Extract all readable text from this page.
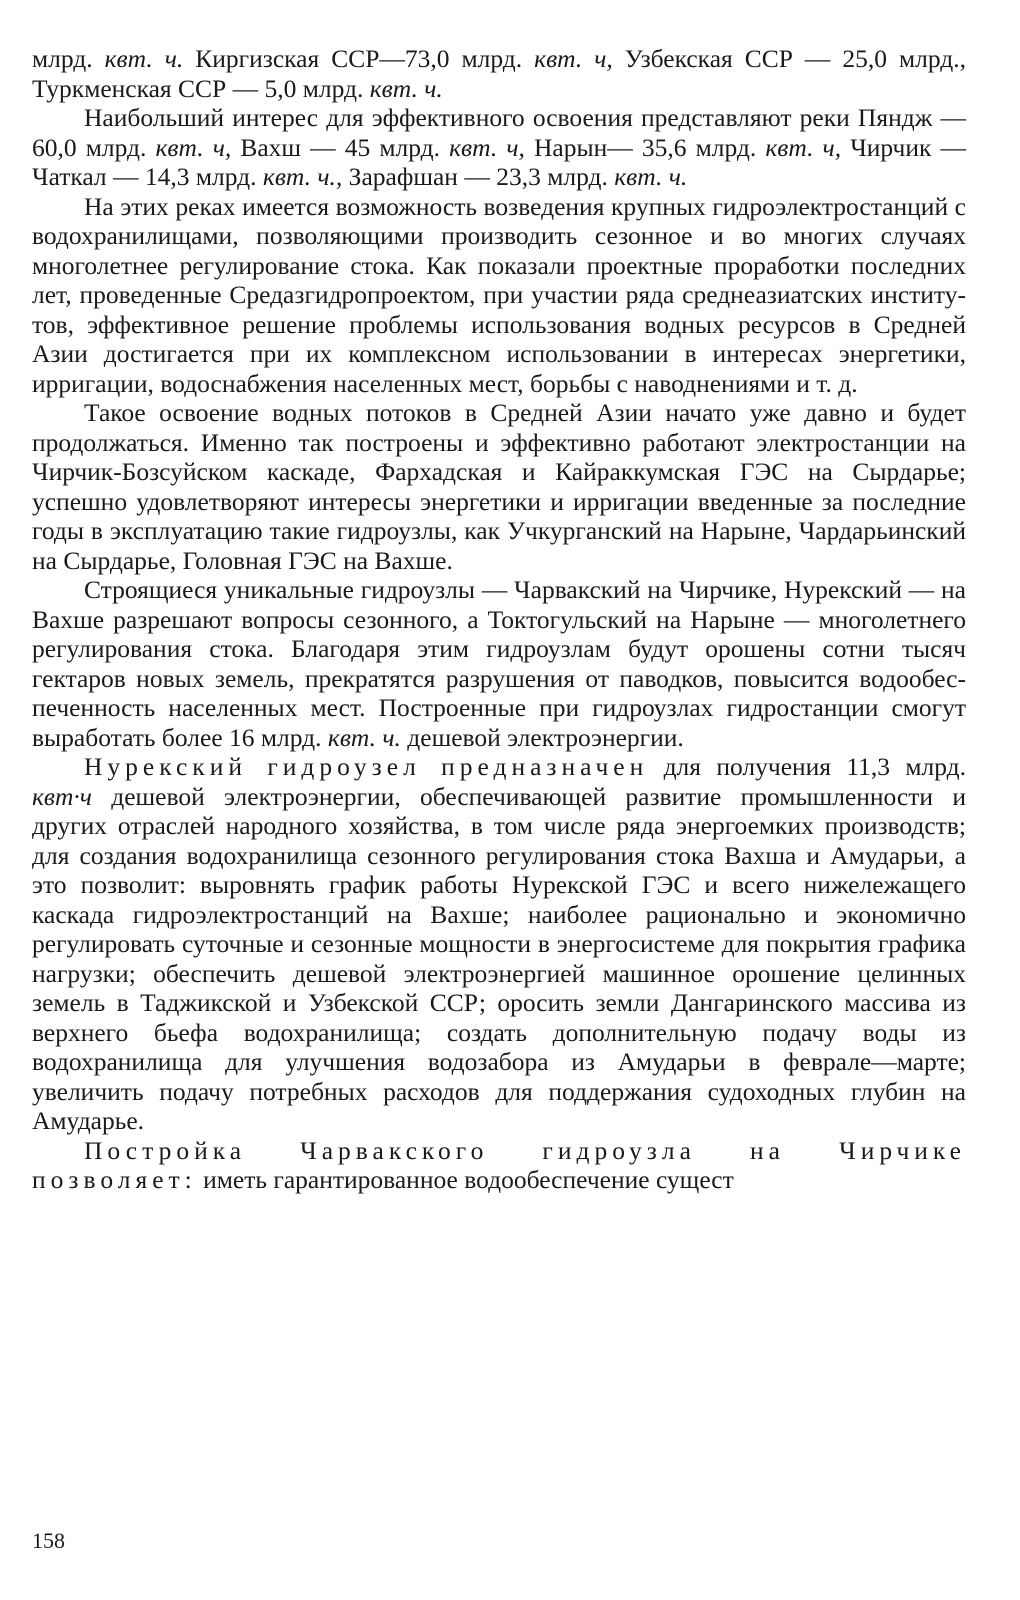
млрд. квт. ч. Киргизская ССР—73,0 млрд. квт. ч, Узбекская ССР — 25,0 млрд., Туркменская ССР — 5,0 млрд. квт. ч.

Наибольший интерес для эффективного освоения представляют реки Пяндж — 60,0 млрд. квт. ч, Вахш — 45 млрд. квт. ч, Нарын— 35,6 млрд. квт. ч, Чирчик — Чаткал — 14,3 млрд. квт. ч., Зарафшан — 23,3 млрд. квт. ч.

На этих реках имеется возможность возведения крупных гидроэлектростанций с водохранилищами, позволяющими производить сезонное и во многих случаях многолетнее регулирование стока. Как показали проектные проработки последних лет, проведенные Средазгидропроектом, при участии ряда среднеазиатских институтов, эффективное решение проблемы использования водных ресурсов в Средней Азии достигается при их комплексном использовании в интересах энергетики, ирригации, водоснабжения населенных мест, борьбы с наводнениями и т. д.

Такое освоение водных потоков в Средней Азии начато уже давно и будет продолжаться. Именно так построены и эффективно работают электростанции на Чирчик-Бозсуйском каскаде, Фархадская и Кайраккумская ГЭС на Сырдарье; успешно удовлетворяют интересы энергетики и ирригации введенные за последние годы в эксплуатацию такие гидроузлы, как Учкурганский на Нарыне, Чардарьинский на Сырдарье, Головная ГЭС на Вахше.

Строящиеся уникальные гидроузлы — Чарвакский на Чирчике, Нурекский — на Вахше разрешают вопросы сезонного, а Токтогульский на Нарыне — многолетнего регулирования стока. Благодаря этим гидроузлам будут орошены сотни тысяч гектаров новых земель, прекратятся разрушения от паводков, повысится водообеспеченность населенных мест. Построенные при гидроузлах гидростанции смогут выработать более 16 млрд. квт. ч. дешевой электроэнергии.

Нурекский гидроузел предназначен для получения 11,3 млрд. квт·ч дешевой электроэнергии, обеспечивающей развитие промышленности и других отраслей народного хозяйства, в том числе ряда энергоемких производств; для создания водохранилища сезонного регулирования стока Вахша и Амударьи, а это позволит: выровнять график работы Нурекской ГЭС и всего нижележащего каскада гидроэлектростанций на Вахше; наиболее рационально и экономично регулировать суточные и сезонные мощности в энергосистеме для покрытия графика нагрузки; обеспечить дешевой электроэнергией машинное орошение целинных земель в Таджикской и Узбекской ССР; оросить земли Дангаринского массива из верхнего бьефа водохранилища; создать дополнительную подачу воды из водохранилища для улучшения водозабора из Амударьи в феврале—марте; увеличить подачу потребных расходов для поддержания судоходных глубин на Амударье.

Постройка Чарвакского гидроузла на Чирчике позволяет: иметь гарантированное водообеспечение сущест

158
